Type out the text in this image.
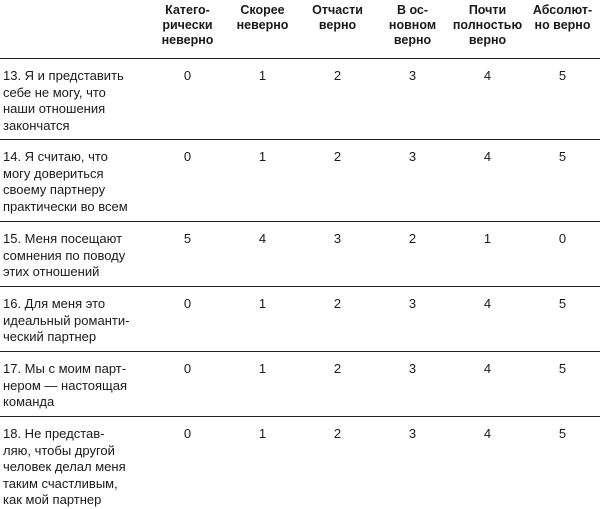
	Катего-
рически
неверно	Скорее
неверно	Отчасти
верно	В ос-
новном
верно	Почти
полностью
верно	Абсолют-
но верно

13. Я и представить
себе не могу, что
наши отношения
закончатся	0	1	2	3	4	5

14. Я считаю, что
могу довериться
своему партнеру
практически во всем	0	1	2	3	4	5

15. Меня посещают
сомнения по поводу
этих отношений	5	4	3	2	1	0

16. Для меня это
идеальный романти-
ческий партнер	0	1	2	3	4	5

17. Мы с моим парт-
нером — настоящая
команда	0	1	2	3	4	5

18. Не представ-
ляю, чтобы другой
человек делал меня
таким счастливым,
как мой партнер	0	1	2	3	4	5
